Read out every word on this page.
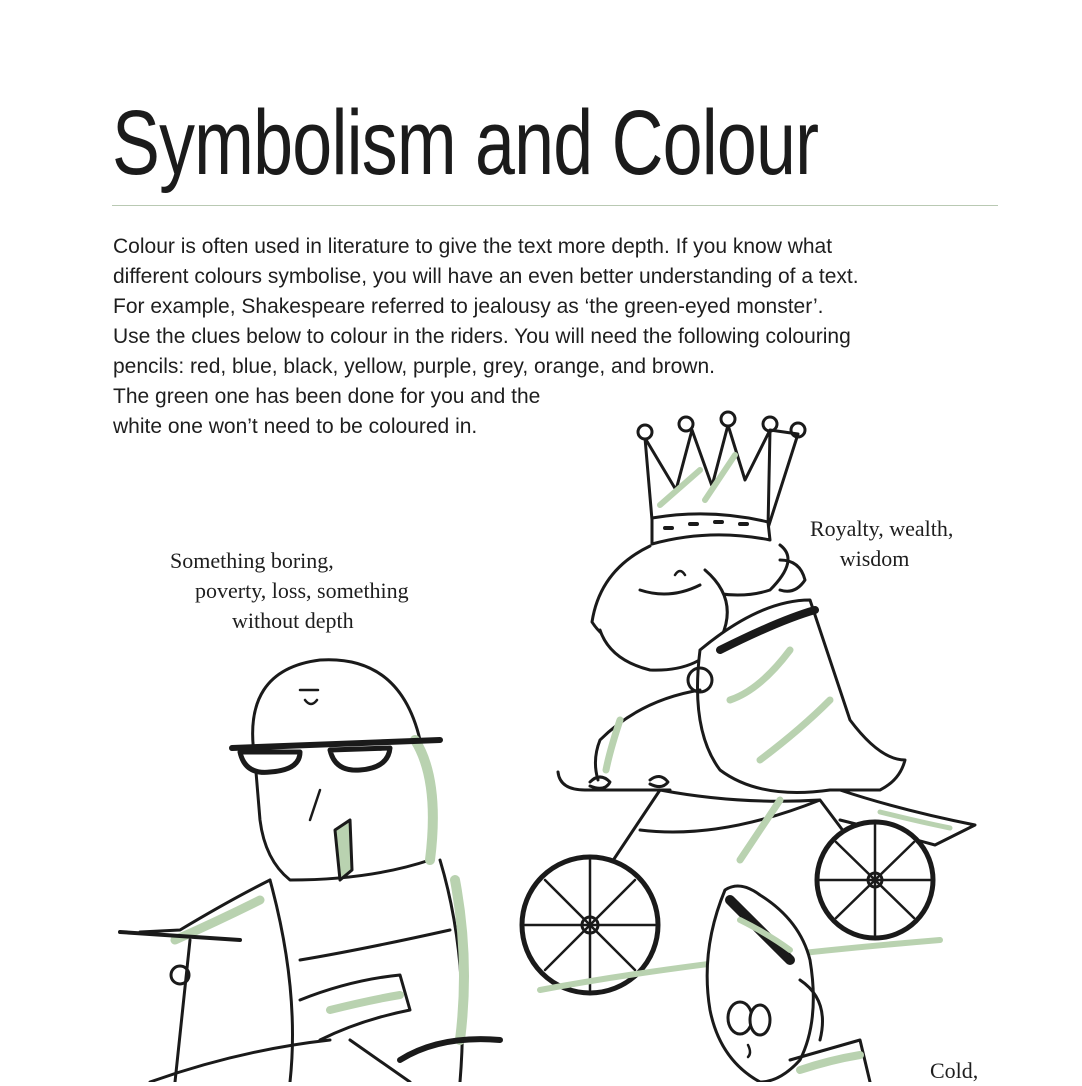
Symbolism and Colour
Colour is often used in literature to give the text more depth. If you know what
different colours symbolise, you will have an even better understanding of a text.
For example, Shakespeare referred to jealousy as ‘the green-eyed monster’.
Use the clues below to colour in the riders. You will need the following colouring
pencils: red, blue, black, yellow, purple, grey, orange, and brown.
The green one has been done for you and the
white one won’t need to be coloured in.
Something boring,
poverty, loss, something
without depth
Royalty, wealth,
wisdom
Cold,
